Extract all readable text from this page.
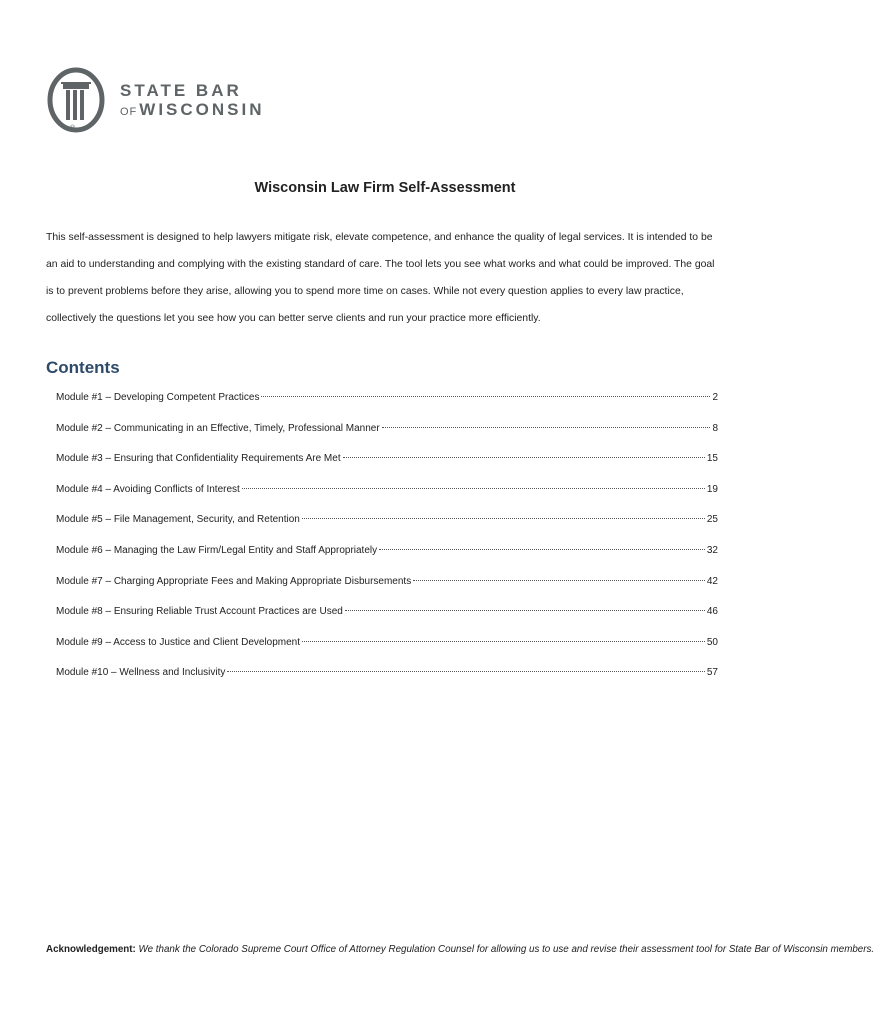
STATE BAR
OF WISCONSIN
®
Wisconsin Law Firm Self-Assessment
This self-assessment is designed to help lawyers mitigate risk, elevate competence, and enhance the quality of legal services. It is intended to be an aid to understanding and complying with the existing standard of care. The tool lets you see what works and what could be improved. The goal is to prevent problems before they arise, allowing you to spend more time on cases. While not every question applies to every law practice, collectively the questions let you see how you can better serve clients and run your practice more efficiently.
Contents
Module #1 – Developing Competent Practices	2
Module #2 – Communicating in an Effective, Timely, Professional Manner	8
Module #3 – Ensuring that Confidentiality Requirements Are Met	15
Module #4 – Avoiding Conflicts of Interest	19
Module #5 – File Management, Security, and Retention	25
Module #6 – Managing the Law Firm/Legal Entity and Staff Appropriately	32
Module #7 – Charging Appropriate Fees and Making Appropriate Disbursements	42
Module #8 – Ensuring Reliable Trust Account Practices are Used	46
Module #9 – Access to Justice and Client Development	50
Module #10 – Wellness and Inclusivity	57
Acknowledgement: We thank the Colorado Supreme Court Office of Attorney Regulation Counsel for allowing us to use and revise their assessment tool for State Bar of Wisconsin members.
